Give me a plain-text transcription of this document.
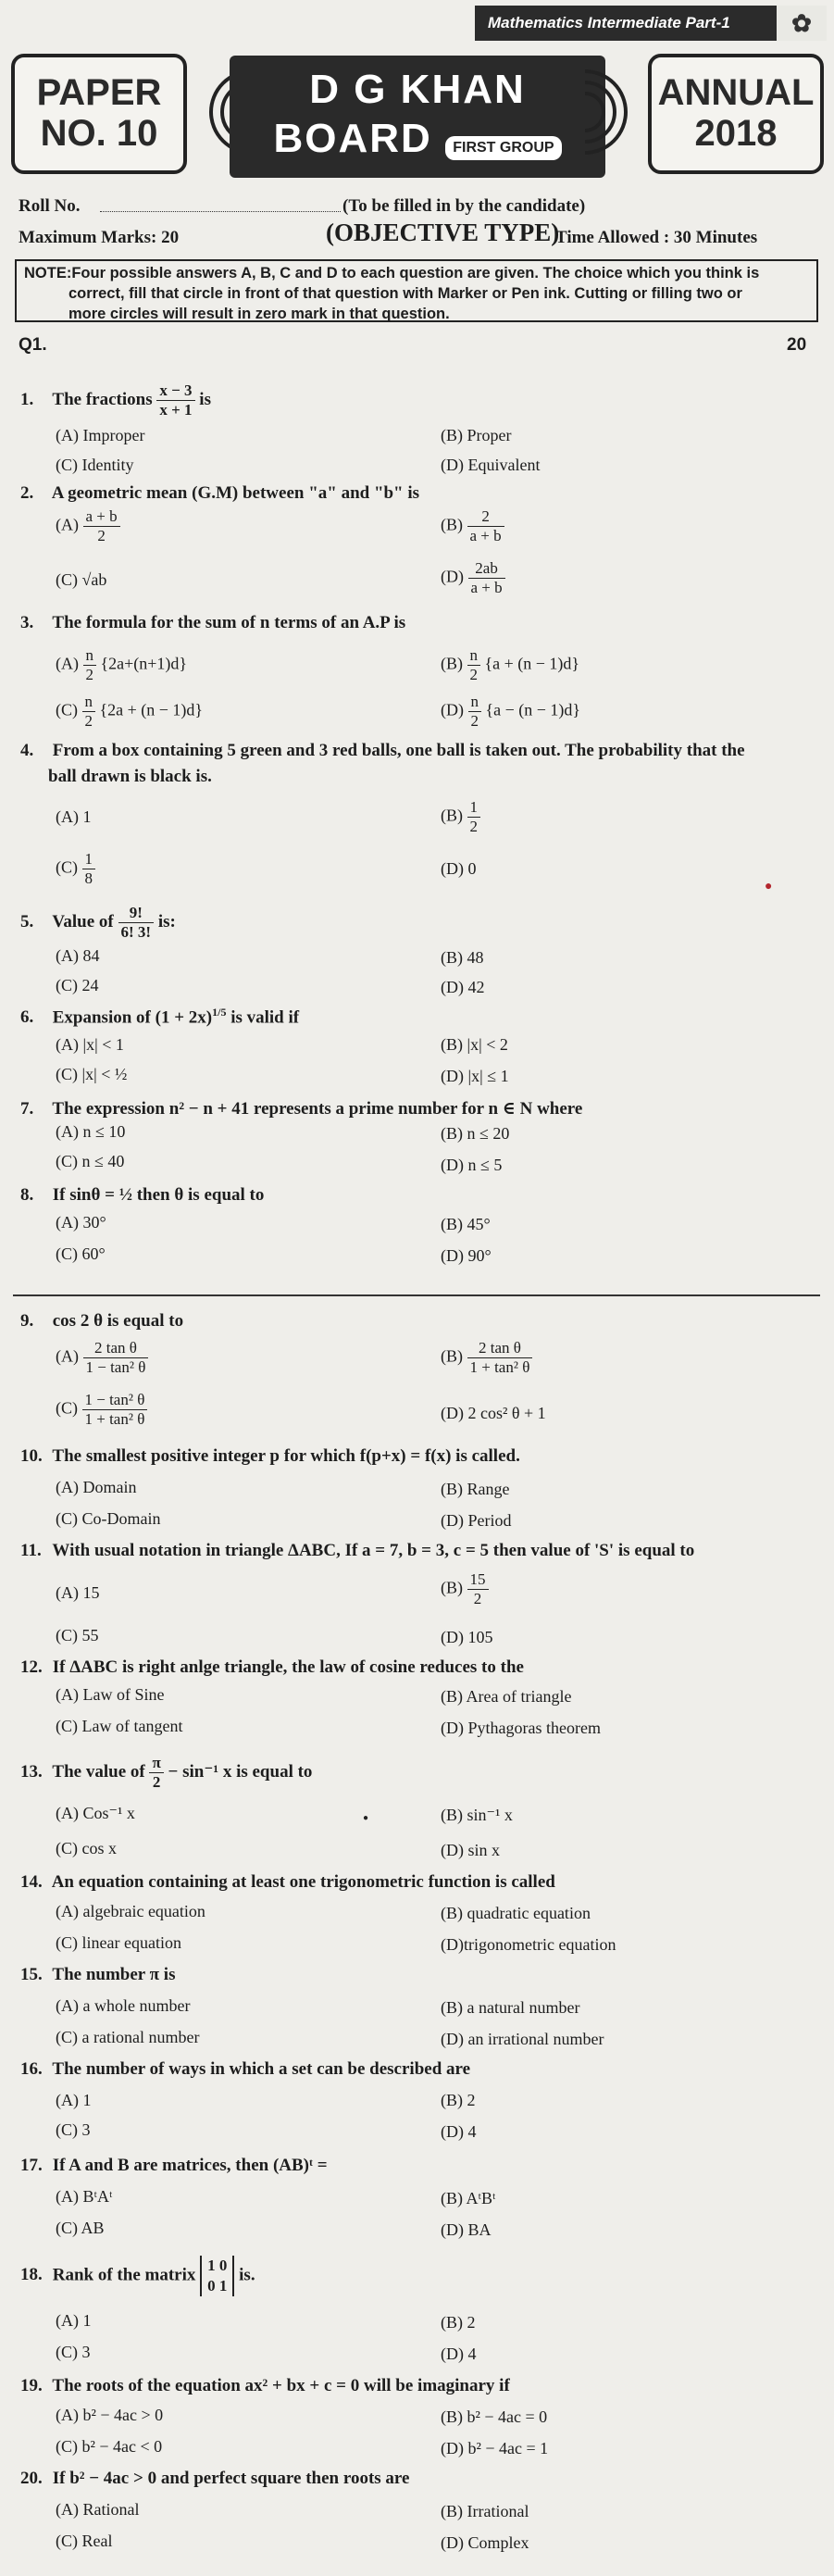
Mathematics Intermediate Part-1	✿
PAPER
NO. 10
D G KHAN
BOARD FIRST GROUP
ANNUAL
2018
Roll No.	(To be filled in by the candidate)
Maximum Marks: 20	(OBJECTIVE TYPE)
Time Allowed : 30 Minutes
NOTE:Four possible answers A, B, C and D to each question are given. The choice which you think is
correct, fill that circle in front of that question with Marker or Pen ink. Cutting or filling two or
more circles will result in zero mark in that question.
Q1.	20
1. The fractions $\frac{x - 3}{x + 1}$ is
(A) Improper	(B) Proper
(C) Identity	(D) Equivalent
2. A geometric mean (G.M) between "a" and "b" is
$(A) \frac{a + b}{2}$	$(B) \frac{2}{a + b}$
(C) √ab	$(D) \frac{2ab}{a + b}$
3. The formula for the sum of n terms of an A.P is
$(A) \frac{n}{2} \{2a+(n+1)d\}$	$(B) \frac{n}{2} \{a + (n - 1)d\}$
$(C) \frac{n}{2} \{2a + (n - 1)d\}$	$(D) \frac{n}{2} \{a - (n - 1)d\}$
4. From a box containing 5 green and 3 red balls, one ball is taken out. The probability that the
ball drawn is black is.
(A) 1	$(B) \frac{1}{2}$
$(C) \frac{1}{8}$	(D) 0
5. Value of $\frac{9!}{6! 3!}$ is:
(A) 84	(B) 48
(C) 24	(D) 42
6. Expansion of $(1 + 2x)^{1/5}$ is valid if
(A) |x| < 1	(B) |x| < 2
(C) |x| < ½	(D) |x| ≤ 1
7. The expression n² − n + 41 represents a prime number for n ∈ N where
(A) n ≤ 10	(B) n ≤ 20
(C) n ≤ 40	(D) n ≤ 5
8. If sinθ = ½ then θ is equal to
(A) 30°	(B) 45°
(C) 60°	(D) 90°
9. cos 2 θ is equal to
$(A) \frac{\text{2 tan θ}}{\text{1 − tan² θ}}$	$(B) \frac{\text{2 tan θ}}{\text{1 + tan² θ}}$
$(C) \frac{\text{1 − tan² θ}}{\text{1 + tan² θ}}$	(D) 2 cos² θ + 1
10. The smallest positive integer p for which f(p+x) = f(x) is called.
(A) Domain	(B) Range
(C) Co-Domain	(D) Period
11. With usual notation in triangle ΔABC, If a = 7, b = 3, c = 5 then value of 'S' is equal to
(A) 15	$(B) \frac{15}{2}$
(C) 55	(D) 105
12. If ΔABC is right anlge triangle, the law of cosine reduces to the
(A) Law of Sine	(B) Area of triangle
(C) Law of tangent	(D) Pythagoras theorem
13. The value of $\frac{\pi}{2} - \sin^{-1}$ x is equal to
(A) Cos⁻¹ x	(B) sin⁻¹ x
(C) cos x	(D) sin x
14. An equation containing at least one trigonometric function is called
(A) algebraic equation	(B) quadratic equation
(C) linear equation	(D)trigonometric equation
15. The number π is
(A) a whole number	(B) a natural number
(C) a rational number	(D) an irrational number
16. The number of ways in which a set can be described are
(A) 1	(B) 2
(C) 3	(D) 4
17. If A and B are matrices, then (AB)ᵗ =
(A) BᵗAᵗ	(B) AᵗBᵗ
(C) AB	(D) BA
18. Rank of the matrix 1 0
0 1
is.
(A) 1	(B) 2
(C) 3	(D) 4
19. The roots of the equation ax² + bx + c = 0 will be imaginary if
(A) b² − 4ac > 0	(B) b² − 4ac = 0
(C) b² − 4ac < 0	(D) b² − 4ac = 1
20. If b² − 4ac > 0 and perfect square then roots are
(A) Rational	(B) Irrational
(C) Real	(D) Complex
●
●
